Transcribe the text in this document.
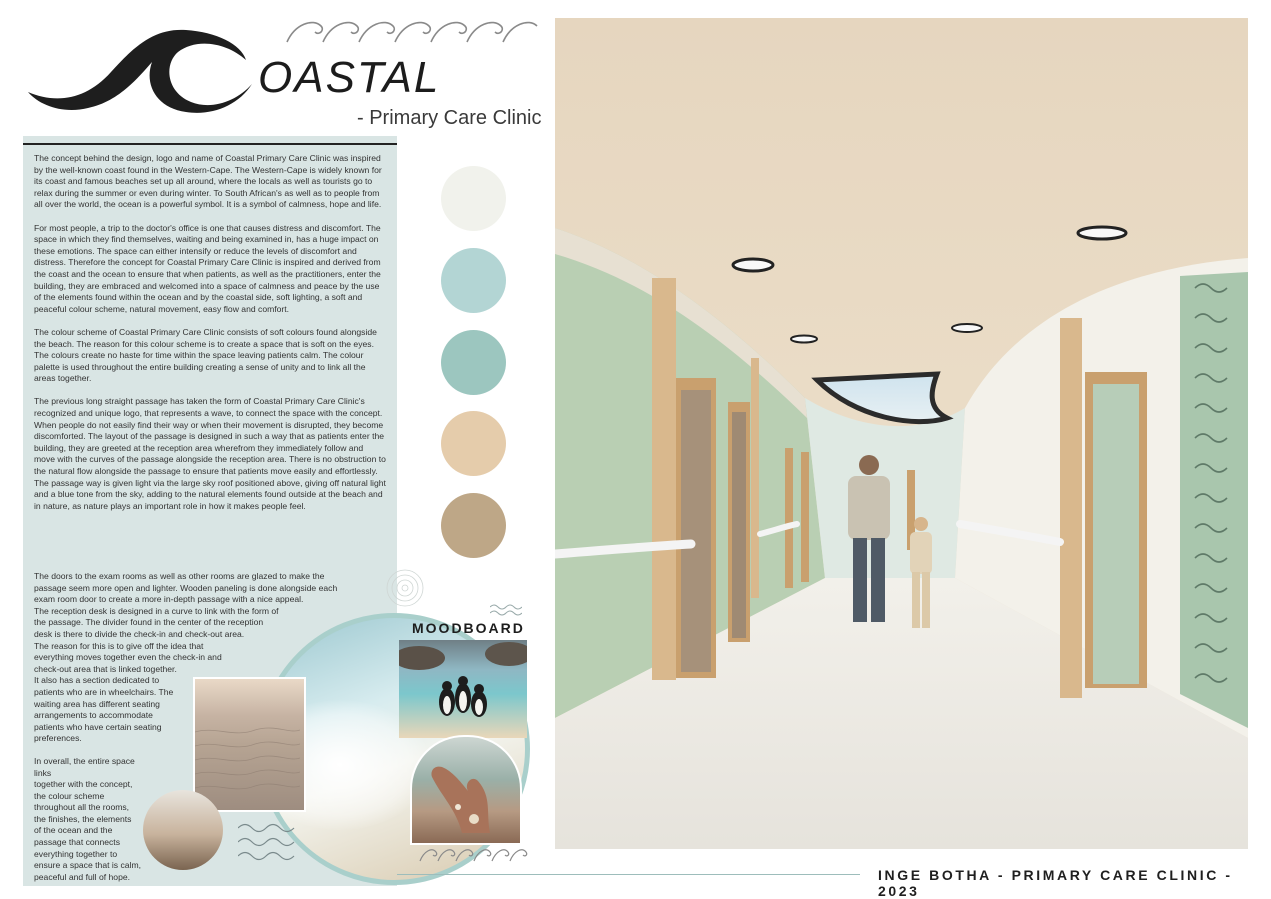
OASTAL
- Primary Care Clinic

The concept behind the design, logo and name of Coastal Primary Care Clinic was inspired by the well-known coast found in the Western-Cape. The Western-Cape is widely known for its coast and famous beaches set up all around, where the locals as well as tourists go to relax during the summer or even during winter. To South African's as well as to people from all over the world, the ocean is a powerful symbol. It is a symbol of calmness, hope and life.

For most people, a trip to the doctor's office is one that causes distress and discomfort. The space in which they find themselves, waiting and being examined in, has a huge impact on these emotions. The space can either intensify or reduce the levels of discomfort and distress. Therefore the concept for Coastal Primary Care Clinic is inspired and derived from the coast and the ocean to ensure that when patients, as well as the practitioners, enter the building, they are embraced and welcomed into a space of calmness and peace by the use of the elements found within the ocean and by the coastal side, soft lighting, a soft and peaceful colour scheme, natural movement, easy flow and comfort.

The colour scheme of Coastal Primary Care Clinic consists of soft colours found alongside the beach. The reason for this colour scheme is to create a space that is soft on the eyes. The colours create no haste for time within the space leaving patients calm. The colour palette is used throughout the entire building creating a sense of unity and to link all the areas together.

The previous long straight passage has taken the form of Coastal Primary Care Clinic's recognized and unique logo, that represents a wave, to connect the space with the concept. When people do not easily find their way or when their movement is disrupted, they become discomforted. The layout of the passage is designed in such a way that as patients enter the building, they are greeted at the reception area wherefrom they immediately follow and move with the curves of the passage alongside the reception area. There is no obstruction to the natural flow alongside the passage to ensure that patients move easily and effortlessly. The passage way is given light via the large sky roof positioned above, giving off natural light and a blue tone from the sky, adding to the natural elements found outside at the beach and in nature, as nature plays an important role in how it makes people feel.

The doors to the exam rooms as well as other rooms are glazed to make the

passage seem more open and lighter. Wooden paneling is done alongside each

exam room door to create a more in-depth passage with a nice appeal.

The reception desk is designed in a curve to link with the form of

the passage. The divider found in the center of the reception

desk is there to divide the check-in and check-out area.

The reason for this is to give off the idea that

everything moves together even the check-in and

check-out area that is linked together.

It also has a section dedicated to

patients who are in wheelchairs. The

waiting area has different seating

arrangements to accommodate

patients who have certain seating

preferences.

In overall, the entire space links

together with the concept,

the colour scheme

throughout all the rooms,

the finishes, the elements

of the ocean and the

passage that connects

everything together to

ensure a space that is calm,

peaceful and full of hope.

MOODBOARD
INGE BOTHA - PRIMARY CARE CLINIC - 2023
